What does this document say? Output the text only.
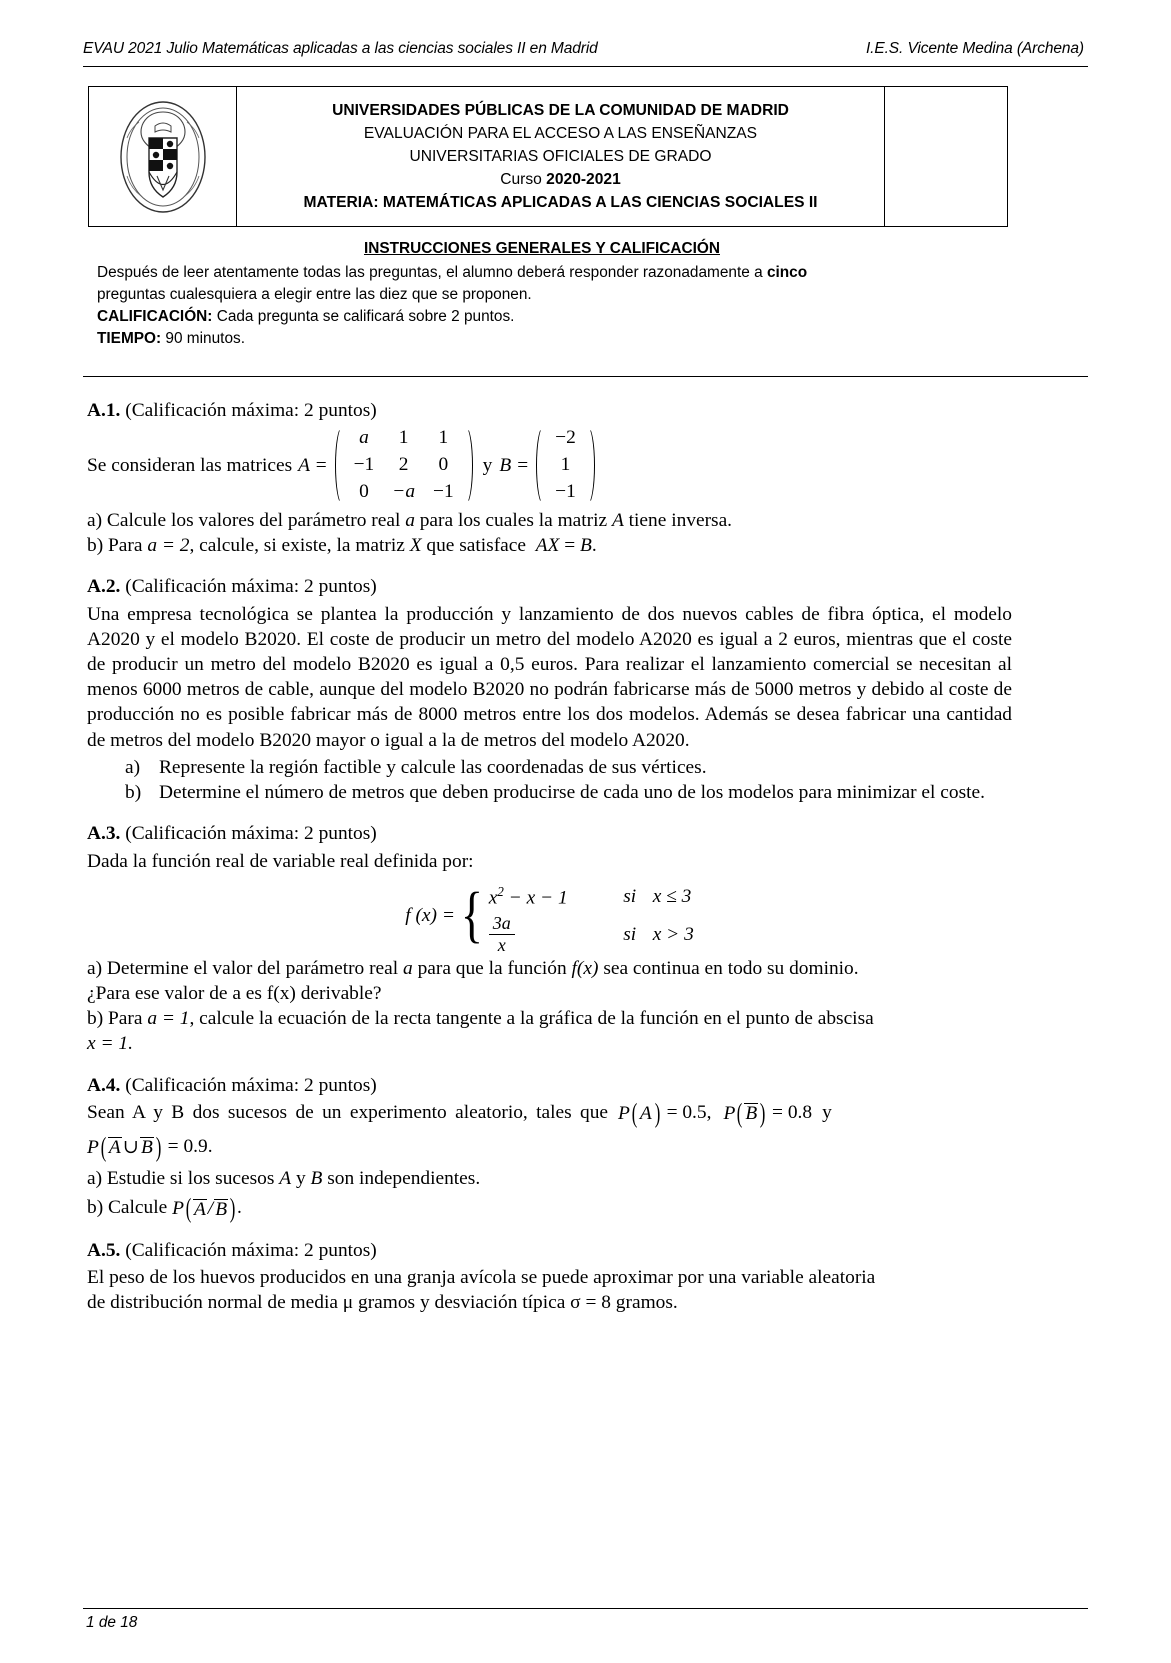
EVAU 2021 Julio Matemáticas aplicadas a las ciencias sociales II en Madrid	I.E.S. Vicente Medina (Archena)
UNIVERSIDADES PÚBLICAS DE LA COMUNIDAD DE MADRID
EVALUACIÓN PARA EL ACCESO A LAS ENSEÑANZAS
UNIVERSITARIAS OFICIALES DE GRADO
Curso 2020-2021
MATERIA: MATEMÁTICAS APLICADAS A LAS CIENCIAS SOCIALES II
INSTRUCCIONES GENERALES Y CALIFICACIÓN
Después de leer atentamente todas las preguntas, el alumno deberá responder razonadamente a cinco
preguntas cualesquiera a elegir entre las diez que se proponen.
CALIFICACIÓN: Cada pregunta se calificará sobre 2 puntos.
TIEMPO: 90 minutos.
A.1. (Calificación máxima: 2 puntos)
Se consideran las matrices A =
a	1	1
−1	2	0
0	−a	−1
y B =
−2
1
−1
a) Calcule los valores del parámetro real a para los cuales la matriz A tiene inversa.
b) Para a = 2, calcule, si existe, la matriz X que satisface  AX = B.
A.2. (Calificación máxima: 2 puntos)

Una empresa tecnológica se plantea la producción y lanzamiento de dos nuevos cables de fibra óptica, el modelo A2020 y el modelo B2020. El coste de producir un metro del modelo A2020 es igual a 2 euros, mientras que el coste de producir un metro del modelo B2020 es igual a 0,5 euros. Para realizar el lanzamiento comercial se necesitan al menos 6000 metros de cable, aunque del modelo B2020 no podrán fabricarse más de 5000 metros y debido al coste de producción no es posible fabricar más de 8000 metros entre los dos modelos. Además se desea fabricar una cantidad de metros del modelo B2020 mayor o igual a la de metros del modelo A2020.

a) Represente la región factible y calcule las coordenadas de sus vértices.
b) Determine el número de metros que deben producirse de cada uno de los modelos para minimizar el coste.
A.3. (Calificación máxima: 2 puntos)
Dada la función real de variable real definida por:
f (x) = { $x^2 - x - 1$	si x ≤ 3
$\frac{3a}{x}$	si x > 3
a) Determine el valor del parámetro real a para que la función f(x) sea continua en todo su dominio.
¿Para ese valor de a es f(x) derivable?
b) Para a = 1, calcule la ecuación de la recta tangente a la gráfica de la función en el punto de abscisa
x = 1.
A.4. (Calificación máxima: 2 puntos)
Sean A y B dos sucesos de un experimento aleatorio, tales que P ( A ) = 0.5 , P ( B ) = 0.8 y
P ( A ∪ B ) = 0.9.
a) Estudie si los sucesos A y B son independientes.
b) Calcule P ( A / B ) .
A.5. (Calificación máxima: 2 puntos)
El peso de los huevos producidos en una granja avícola se puede aproximar por una variable aleatoria
de distribución normal de media μ gramos y desviación típica σ = 8 gramos.
1 de 18
